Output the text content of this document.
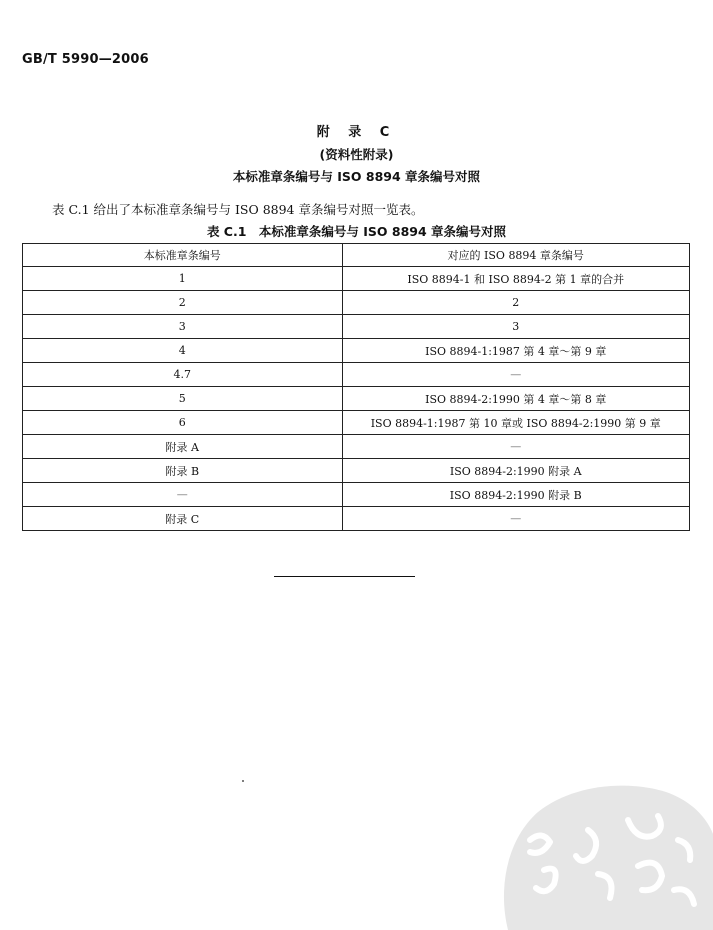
GB/T 5990—2006
附 录 C
(资料性附录)
本标准章条编号与 ISO 8894 章条编号对照
表 C.1 给出了本标准章条编号与 ISO 8894 章条编号对照一览表。
表 C.1　本标准章条编号与 ISO 8894 章条编号对照
本标准章条编号	对应的 ISO 8894 章条编号
1	ISO 8894-1 和 ISO 8894-2 第 1 章的合并
2	2
3	3
4	ISO 8894-1:1987 第 4 章～第 9 章
4.7	—
5	ISO 8894-2:1990 第 4 章～第 8 章
6	ISO 8894-1:1987 第 10 章或 ISO 8894-2:1990 第 9 章
附录 A	—
附录 B	ISO 8894-2:1990 附录 A
—	ISO 8894-2:1990 附录 B
附录 C	—
